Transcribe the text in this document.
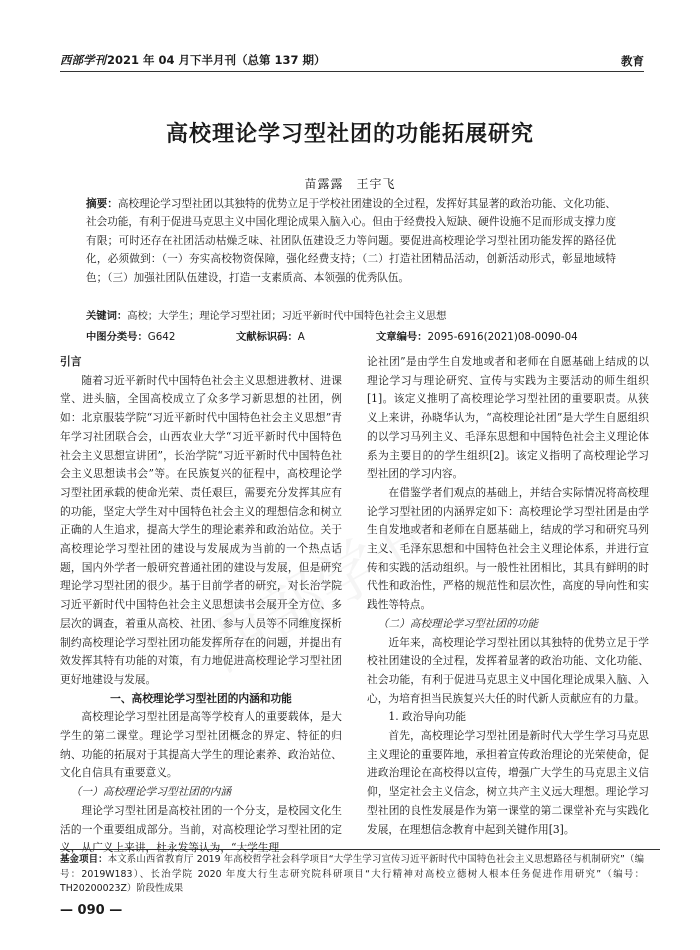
西部学刊2021 年 04 月下半月刊（总第 137 期）	教育
高校理论学习型社团的功能拓展研究
苗露露　王宇飞
摘要：高校理论学习型社团以其独特的优势立足于学校社团建设的全过程，发挥好其显著的政治功能、文化功能、社会功能，有利于促进马克思主义中国化理论成果入脑入心。但由于经费投入短缺、硬件设施不足而形成支撑力度有限；可时还存在社团活动枯燥乏味、社团队伍建设乏力等问题。要促进高校理论学习型社团功能发挥的路径优化，必须做到：（一）夯实高校物资保障，强化经费支持；（二）打造社团精品活动，创新活动形式，彰显地域特色；（三）加强社团队伍建设，打造一支素质高、本领强的优秀队伍。
关键词：高校；大学生；理论学习型社团；习近平新时代中国特色社会主义思想
中图分类号：G642	文献标识码：A	文章编号：2095-6916(2021)08-0090-04

引言

随着习近平新时代中国特色社会主义思想进教材、进课堂、进头脑，全国高校成立了众多学习新思想的社团，例如：北京服装学院“习近平新时代中国特色社会主义思想”青年学习社团联合会，山西农业大学“习近平新时代中国特色社会主义思想宣讲团”，长治学院“习近平新时代中国特色社会主义思想读书会”等。在民族复兴的征程中，高校理论学习型社团承载的使命光荣、责任艰巨，需要充分发挥其应有的功能，坚定大学生对中国特色社会主义的理想信念和树立正确的人生追求，提高大学生的理论素养和政治站位。关于高校理论学习型社团的建设与发展成为当前的一个热点话题，国内外学者一般研究普通社团的建设与发展，但是研究理论学习型社团的很少。基于目前学者的研究，对长治学院习近平新时代中国特色社会主义思想读书会展开全方位、多层次的调查，着重从高校、社团、参与人员等不同维度探析制约高校理论学习型社团功能发挥所存在的问题，并提出有效发挥其特有功能的对策，有力地促进高校理论学习型社团更好地建设与发展。

一、高校理论学习型社团的内涵和功能

高校理论学习型社团是高等学校育人的重要载体，是大学生的第二课堂。理论学习型社团概念的界定、特征的归纳、功能的拓展对于其提高大学生的理论素养、政治站位、文化自信具有重要意义。

（一）高校理论学习型社团的内涵

理论学习型社团是高校社团的一个分支，是校园文化生活的一个重要组成部分。当前，对高校理论学习型社团的定义，从广义上来讲，杜永发等认为，“大学生理

论社团”是由学生自发地或者和老师在自愿基础上结成的以理论学习与理论研究、宣传与实践为主要活动的师生组织[1]。该定义推明了高校理论学习型社团的重要职责。从狭义上来讲，孙晓华认为，“高校理论社团”是大学生自愿组织的以学习马列主义、毛泽东思想和中国特色社会主义理论体系为主要目的的学生组织[2]。该定义指明了高校理论学习型社团的学习内容。

在借鉴学者们观点的基础上，并结合实际情况将高校理论学习型社团的内涵界定如下：高校理论学习型社团是由学生自发地或者和老师在自愿基础上，结成的学习和研究马列主义、毛泽东思想和中国特色社会主义理论体系，并进行宣传和实践的活动组织。与一般性社团相比，其具有鲜明的时代性和政治性，严格的规范性和层次性，高度的导向性和实践性等特点。

（二）高校理论学习型社团的功能

近年来，高校理论学习型社团以其独特的优势立足于学校社团建设的全过程，发挥着显著的政治功能、文化功能、社会功能，有利于促进马克思主义中国化理论成果入脑、入心，为培育担当民族复兴大任的时代新人贡献应有的力量。

1. 政治导向功能

首先，高校理论学习型社团是新时代大学生学习马克思主义理论的重要阵地，承担着宣传政治理论的光荣使命，促进政治理论在高校得以宣传，增强广大学生的马克思主义信仰，坚定社会主义信念，树立共产主义远大理想。理论学习型社团的良性发展是作为第一课堂的第二课堂补充与实践化发展，在理想信念教育中起到关键作用[3]。

基金项目：本文系山西省教育厅 2019 年高校哲学社会科学项目“大学生学习宣传习近平新时代中国特色社会主义思想路径与机制研究”（编号：2019W183）、长治学院 2020 年度大行生志研究院科研项目“大行精神对高校立德树人根本任务促进作用研究”（编号：TH20200023Z）阶段性成果
— 090 —
